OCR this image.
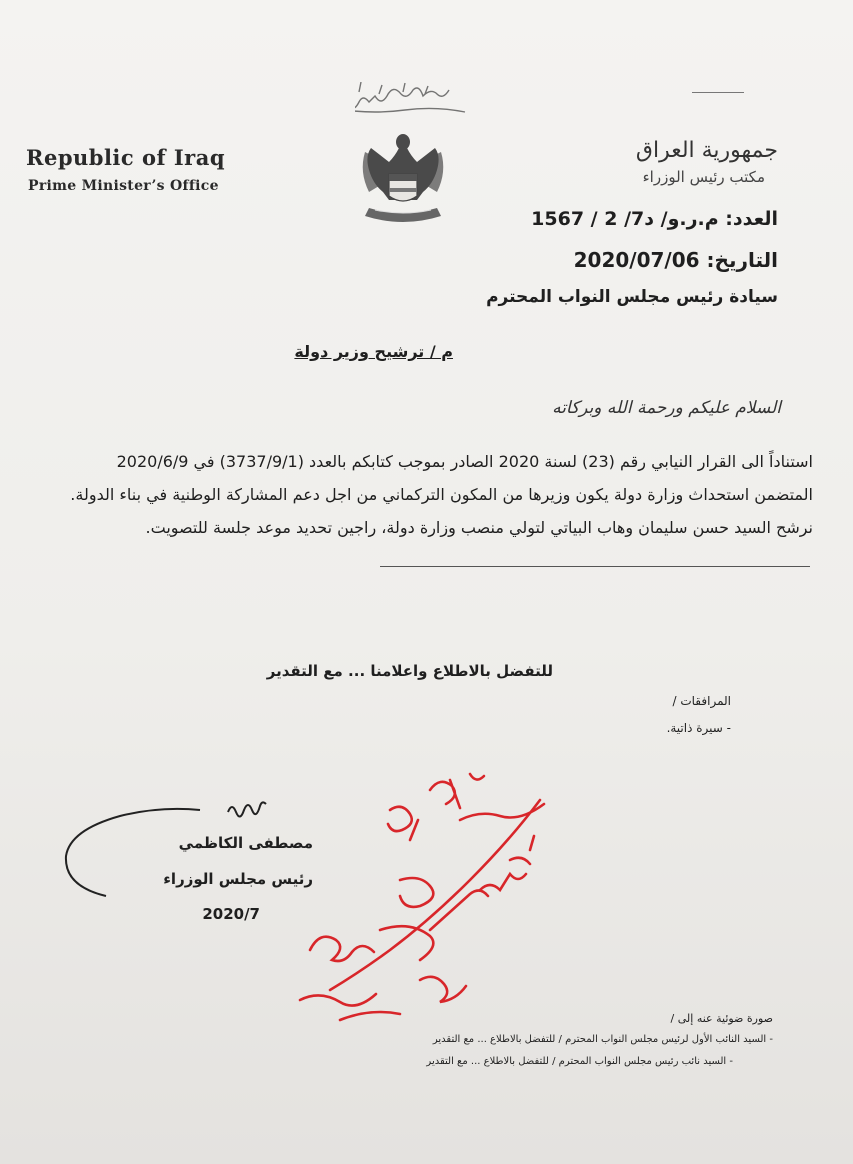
Republic of Iraq
Prime Minister’s Office
جمهورية العراق
مكتب رئيس الوزراء
العدد: م.ر.و/ د7/ 2 / 1567
التاريخ: 2020/07/06
سيادة رئيس مجلس النواب المحترم
م / ترشيح وزير دولة
السلام عليكم ورحمة الله وبركاته

استناداً الى القرار النيابي رقم (23) لسنة 2020 الصادر بموجب كتابكم بالعدد (3737/9/1) في 2020/6/9 المتضمن استحداث وزارة دولة يكون وزيرها من المكون التركماني من اجل دعم المشاركة الوطنية في بناء الدولة.

نرشح السيد حسن سليمان وهاب البياتي لتولي منصب وزارة دولة، راجين تحديد موعد جلسة للتصويت.

للتفضل بالاطلاع واعلامنا ... مع التقدير
المرافقات /
- سيرة ذاتية.
مصطفى الكاظمي
رئيس مجلس الوزراء
2020/7
صورة ضوئية عنه إلى /
- السيد النائب الأول لرئيس مجلس النواب المحترم / للتفضل بالاطلاع ... مع التقدير
- السيد نائب رئيس مجلس النواب المحترم / للتفضل بالاطلاع ... مع التقدير
